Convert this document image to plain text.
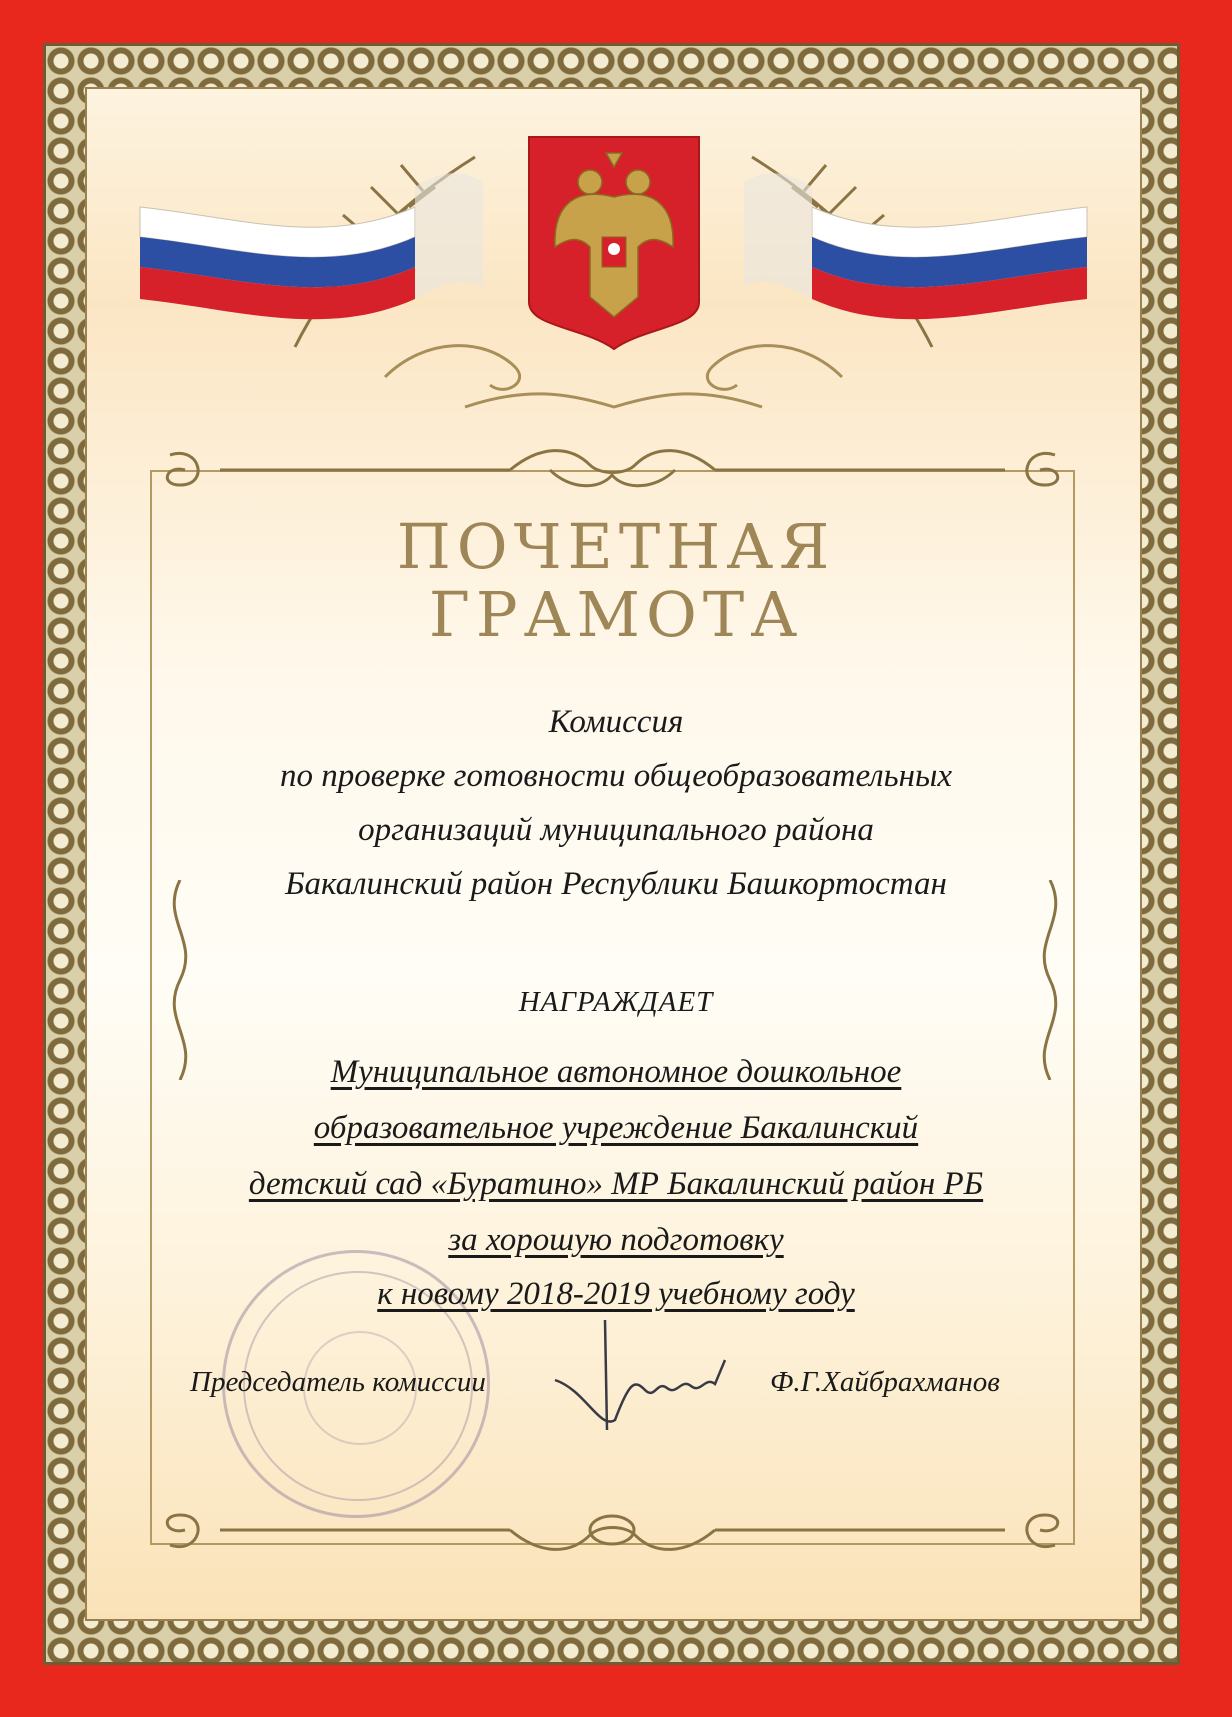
ПОЧЕТНАЯ
ГРАМОТА

Комиссия

по проверке готовности общеобразовательных

организаций муниципального района

Бакалинский район Республики Башкортостан

НАГРАЖДАЕТ

Муниципальное автономное дошкольное

образовательное учреждение Бакалинский

детский сад «Буратино» МР Бакалинский район РБ

за хорошую подготовку

к новому 2018-2019 учебному году

Председатель комиссии	Ф.Г.Хайбрахманов
